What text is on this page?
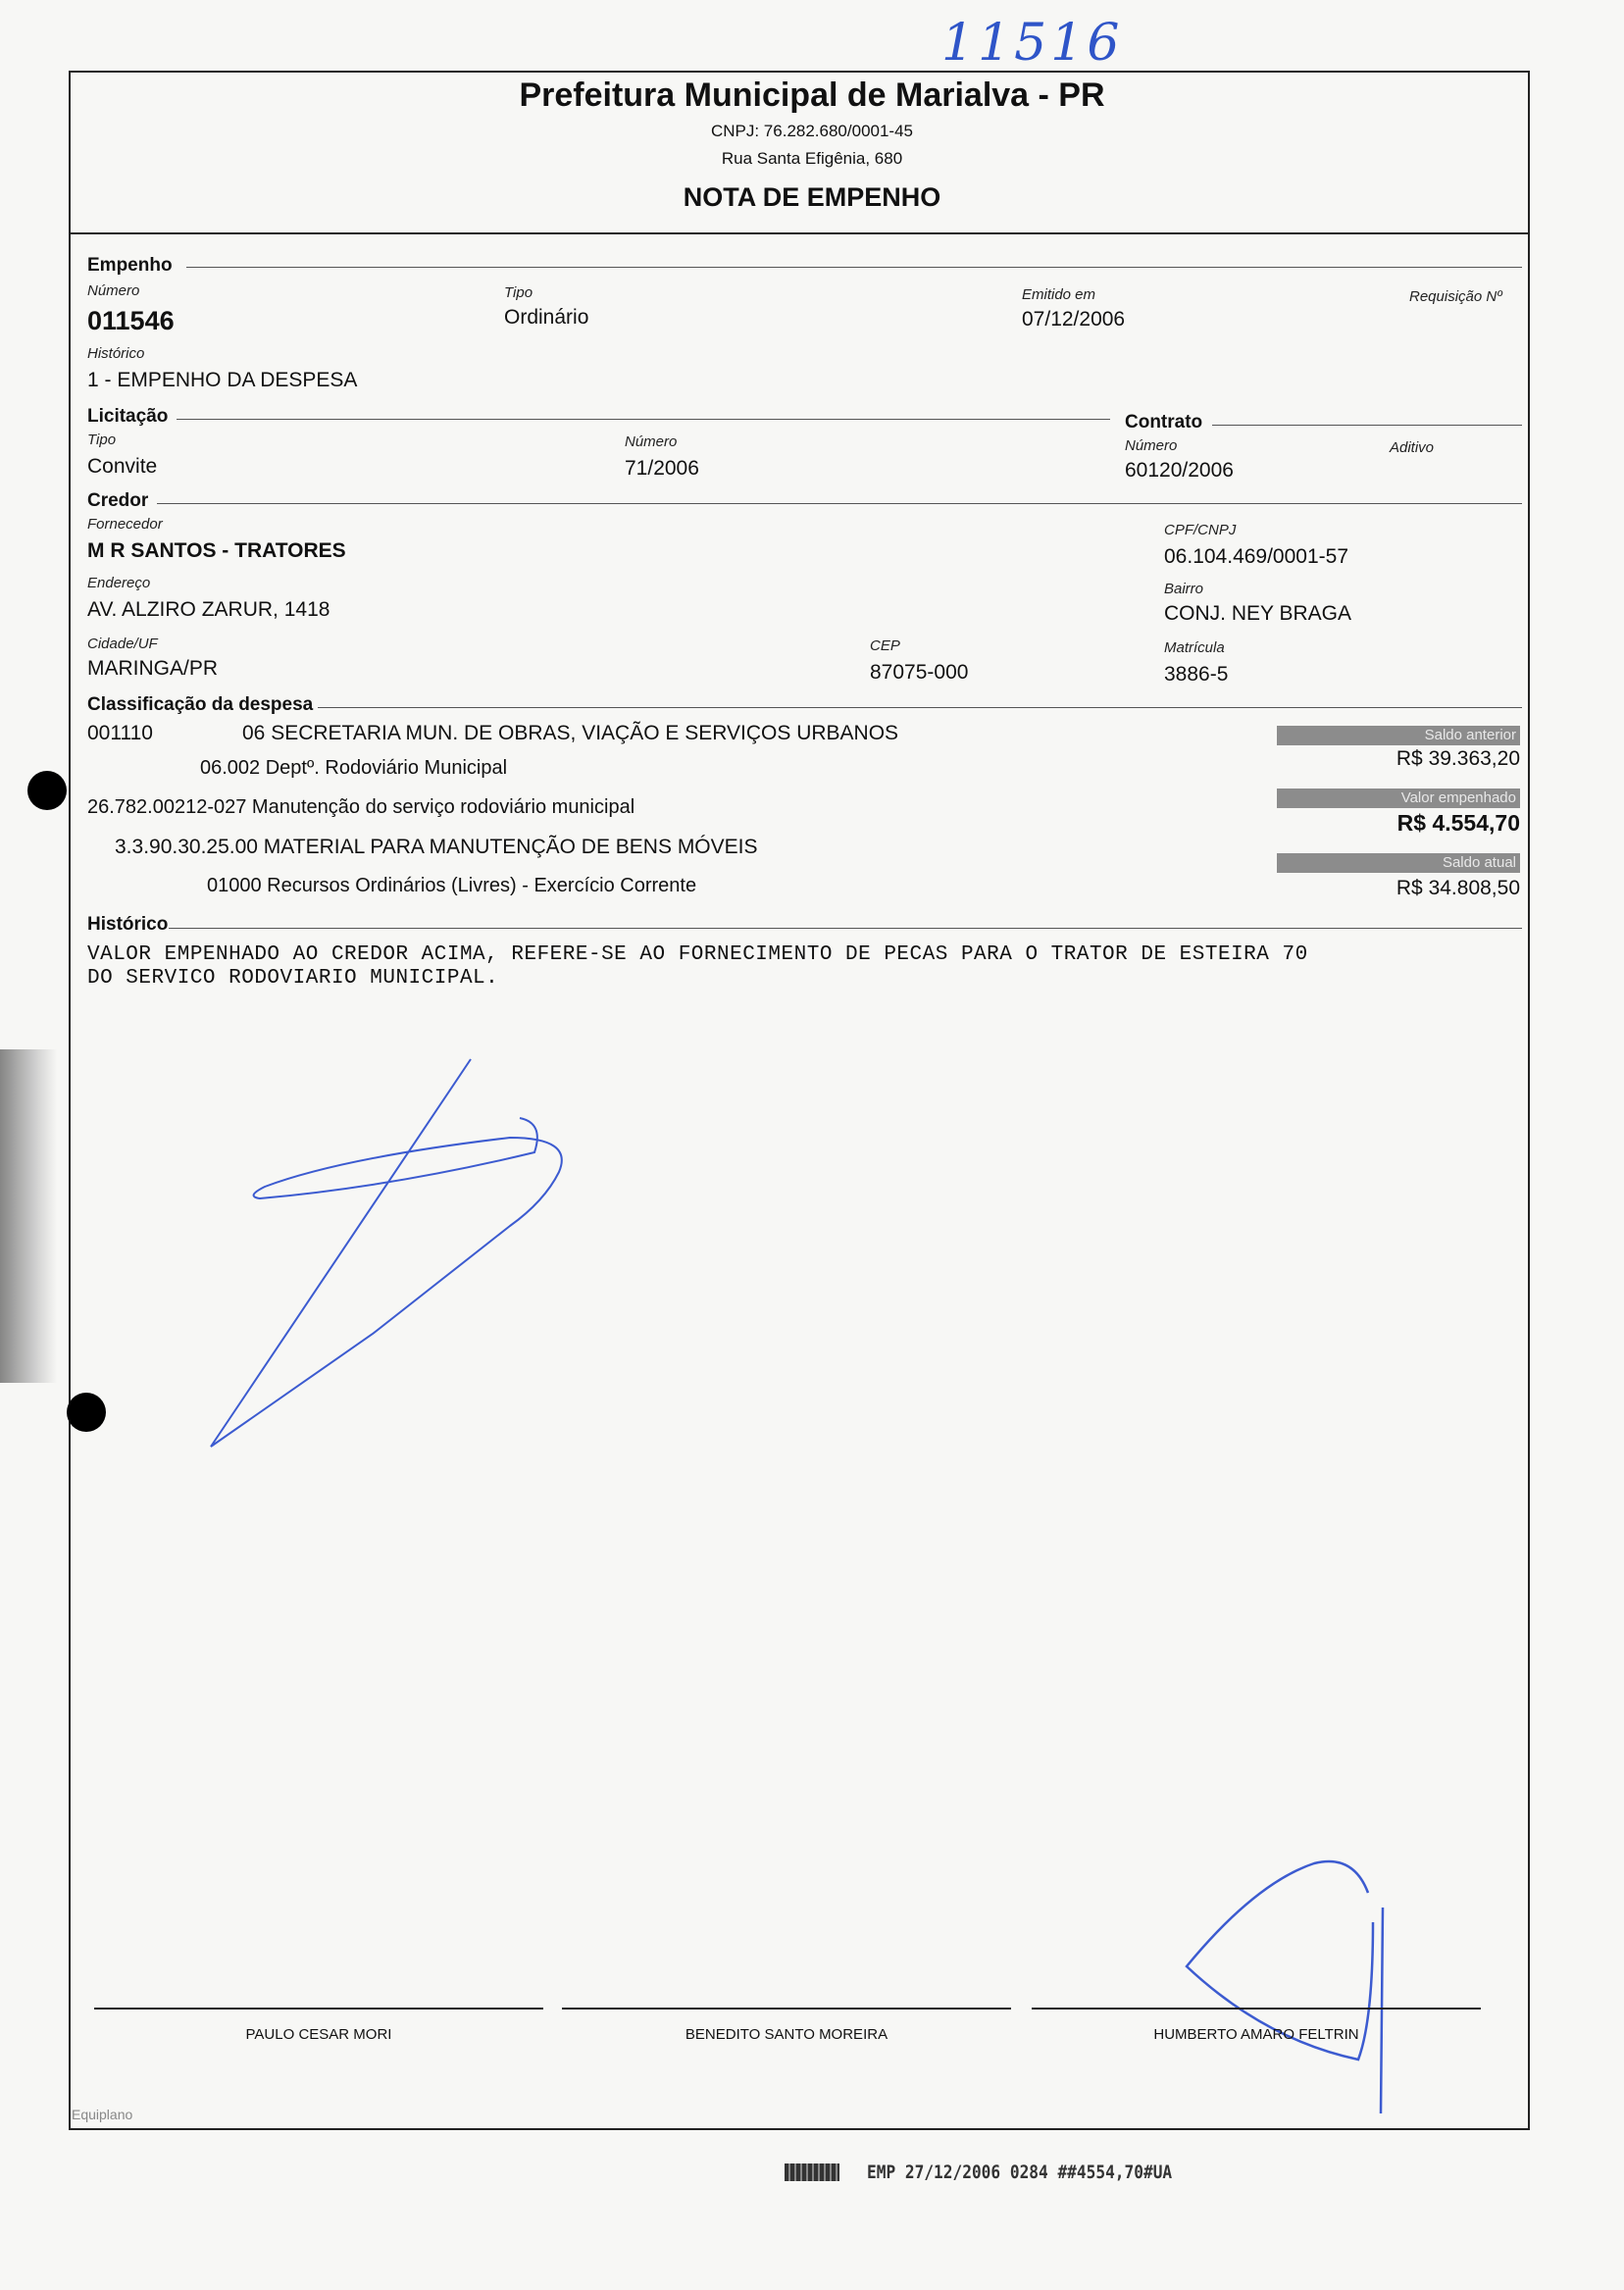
11516
Prefeitura Municipal de Marialva - PR
CNPJ: 76.282.680/0001-45
Rua Santa Efigênia, 680
NOTA DE EMPENHO
Empenho
Número
011546
Tipo
Ordinário
Emitido em
07/12/2006
Requisição Nº
Histórico
1 - EMPENHO DA DESPESA
Licitação	Contrato
Tipo
Convite
Número
71/2006
Número
60120/2006
Aditivo
Credor
Fornecedor
M R SANTOS - TRATORES
CPF/CNPJ
06.104.469/0001-57
Endereço
AV. ALZIRO ZARUR, 1418
Bairro
CONJ. NEY BRAGA
Cidade/UF
MARINGA/PR
CEP
87075-000
Matrícula
3886-5
Classificação da despesa
001110	06 SECRETARIA MUN. DE OBRAS, VIAÇÃO E SERVIÇOS URBANOS
06.002 Deptº. Rodoviário Municipal
26.782.00212-027 Manutenção do serviço rodoviário municipal
3.3.90.30.25.00 MATERIAL PARA MANUTENÇÃO DE BENS MÓVEIS
01000 Recursos Ordinários (Livres) - Exercício Corrente
Saldo anterior
R$ 39.363,20
Valor empenhado
R$ 4.554,70
Saldo atual
R$ 34.808,50
Histórico
VALOR EMPENHADO AO CREDOR ACIMA, REFERE-SE AO FORNECIMENTO DE PECAS PARA O TRATOR DE ESTEIRA 70
DO SERVICO RODOVIARIO MUNICIPAL.
PAULO CESAR MORI	BENEDITO SANTO MOREIRA	HUMBERTO AMARO FELTRIN
Equiplano
EMP 27/12/2006 0284 ##4554,70#UA
